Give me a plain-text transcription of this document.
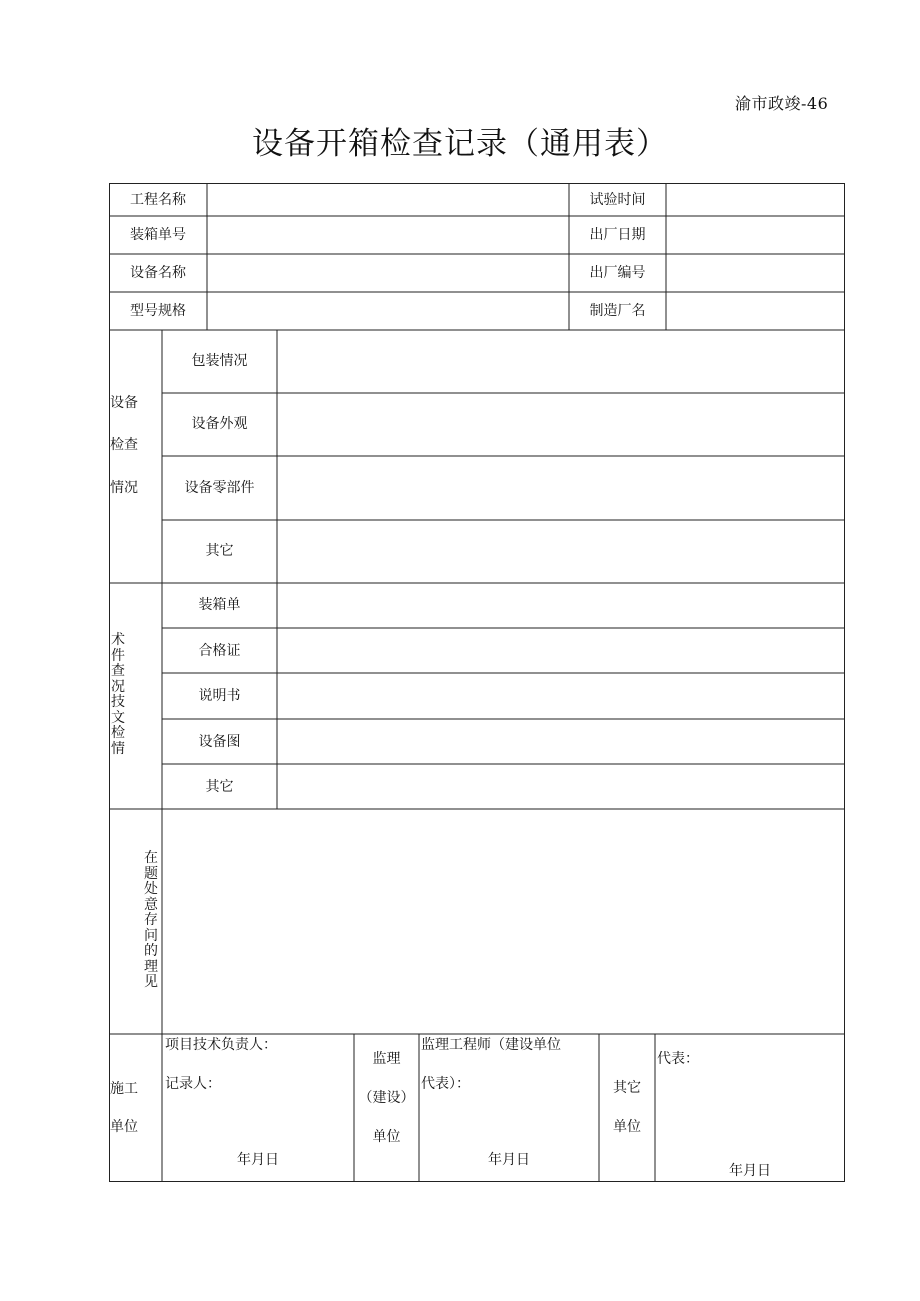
渝市政竣-46
设备开箱检查记录（通用表）
工程名称
装箱单号
设备名称
型号规格
试验时间
出厂日期
出厂编号
制造厂名
设备
检查
情况
包装情况
设备外观
设备零部件
其它
术件查况技文检情
装箱单
合格证
说明书
设备图
其它
在题处意存问的理见
施工
单位
项目技术负责人：
记录人：
年月日
监理
（建设）
单位
监理工程师（建设单位
代表）：
年月日
其它
单位
代表：
年月日
